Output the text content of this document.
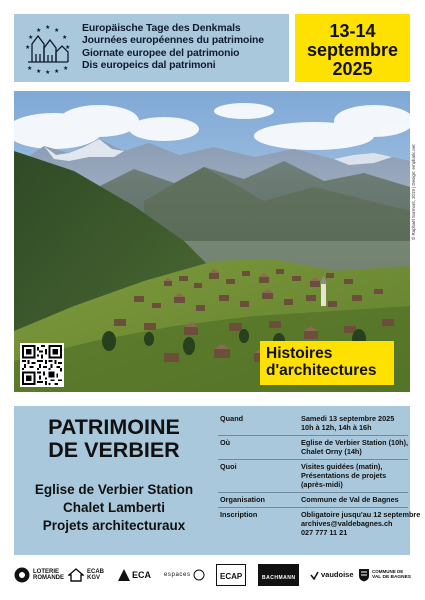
★
★ ★
★	★
★	★
★ ★ ★ ★ ★
Europäische Tage des Denkmals
Journées européennes du patrimoine
Giornate europee del patrimonio
Dis europeics dal patrimoni
13-14
septembre
2025
© Raphaël Surmont, 2019 | Design: emphatic.net
Histoires
d'architectures
PATRIMOINE
DE VERBIER
Eglise de Verbier Station
Chalet Lamberti
Projets architecturaux
Quand	Samedi 13 septembre 2025
10h à 12h, 14h à 16h
Où	Eglise de Verbier Station (10h),
Chalet Orny (14h)
Quoi	Visites guidées (matin),
Présentations de projets
(après-midi)
Organisation	Commune de Val de Bagnes
Inscription	Obligatoire jusqu'au 12 septembre
archives@valdebagnes.ch
027 777 11 21
LOTERIE
ROMANDE
ECAB
KGV	ECA espaces	ECAP	BACHMANN	vaudoise	COMMUNE DE
VAL DE BAGNES
